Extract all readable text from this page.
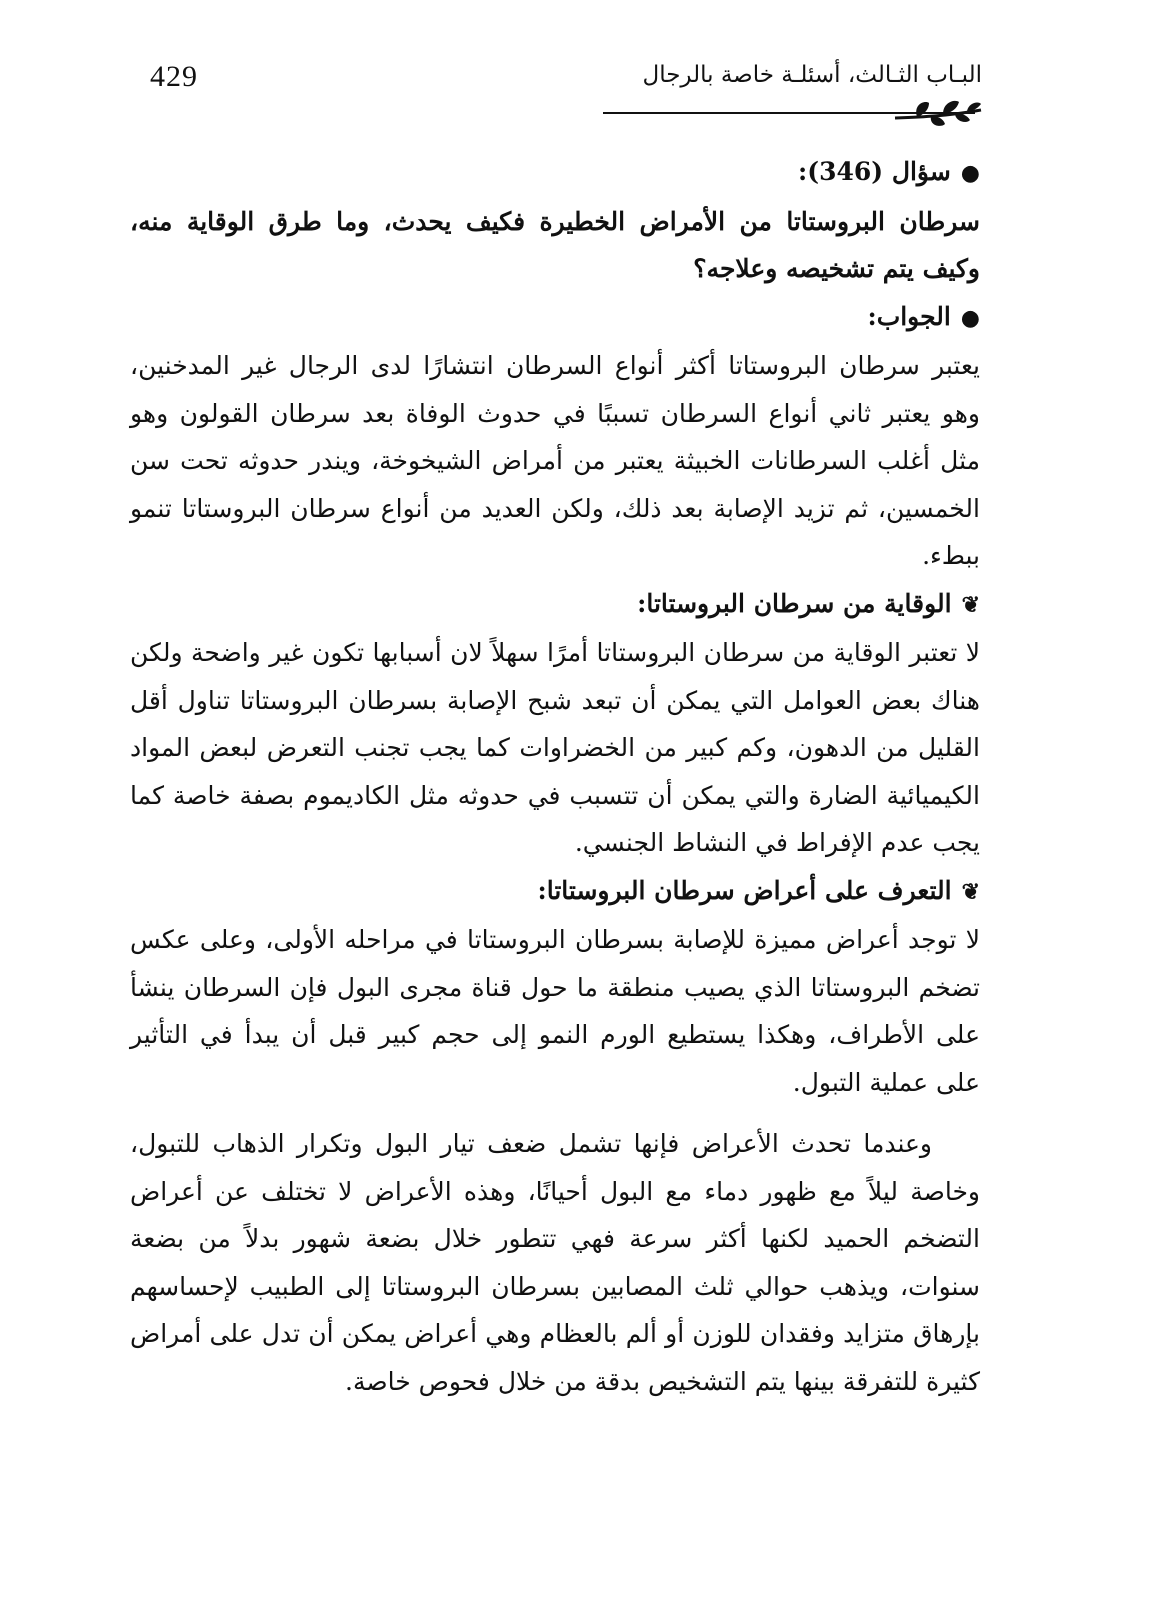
429	البـاب الثـالث، أسئلـة خاصة بالرجال

●سؤال (346):

سرطان البروستاتا من الأمراض الخطيرة فكيف يحدث، وما طرق الوقاية منه، وكيف يتم تشخيصه وعلاجه؟

●الجواب:

يعتبر سرطان البروستاتا أكثر أنواع السرطان انتشارًا لدى الرجال غير المدخنين، وهو يعتبر ثاني أنواع السرطان تسببًا في حدوث الوفاة بعد سرطان القولون وهو مثل أغلب السرطانات الخبيثة يعتبر من أمراض الشيخوخة، ويندر حدوثه تحت سن الخمسين، ثم تزيد الإصابة بعد ذلك، ولكن العديد من أنواع سرطان البروستاتا تنمو ببطء.

❦الوقاية من سرطان البروستاتا:

لا تعتبر الوقاية من سرطان البروستاتا أمرًا سهلاً لان أسبابها تكون غير واضحة ولكن هناك بعض العوامل التي يمكن أن تبعد شبح الإصابة بسرطان البروستاتا تناول أقل القليل من الدهون، وكم كبير من الخضراوات كما يجب تجنب التعرض لبعض المواد الكيميائية الضارة والتي يمكن أن تتسبب في حدوثه مثل الكاديموم بصفة خاصة كما يجب عدم الإفراط في النشاط الجنسي.

❦التعرف على أعراض سرطان البروستاتا:

لا توجد أعراض مميزة للإصابة بسرطان البروستاتا في مراحله الأولى، وعلى عكس تضخم البروستاتا الذي يصيب منطقة ما حول قناة مجرى البول فإن السرطان ينشأ على الأطراف، وهكذا يستطيع الورم النمو إلى حجم كبير قبل أن يبدأ في التأثير على عملية التبول.

وعندما تحدث الأعراض فإنها تشمل ضعف تيار البول وتكرار الذهاب للتبول، وخاصة ليلاً مع ظهور دماء مع البول أحيانًا، وهذه الأعراض لا تختلف عن أعراض التضخم الحميد لكنها أكثر سرعة فهي تتطور خلال بضعة شهور بدلاً من بضعة سنوات، ويذهب حوالي ثلث المصابين بسرطان البروستاتا إلى الطبيب لإحساسهم بإرهاق متزايد وفقدان للوزن أو ألم بالعظام وهي أعراض يمكن أن تدل على أمراض كثيرة للتفرقة بينها يتم التشخيص بدقة من خلال فحوص خاصة.
